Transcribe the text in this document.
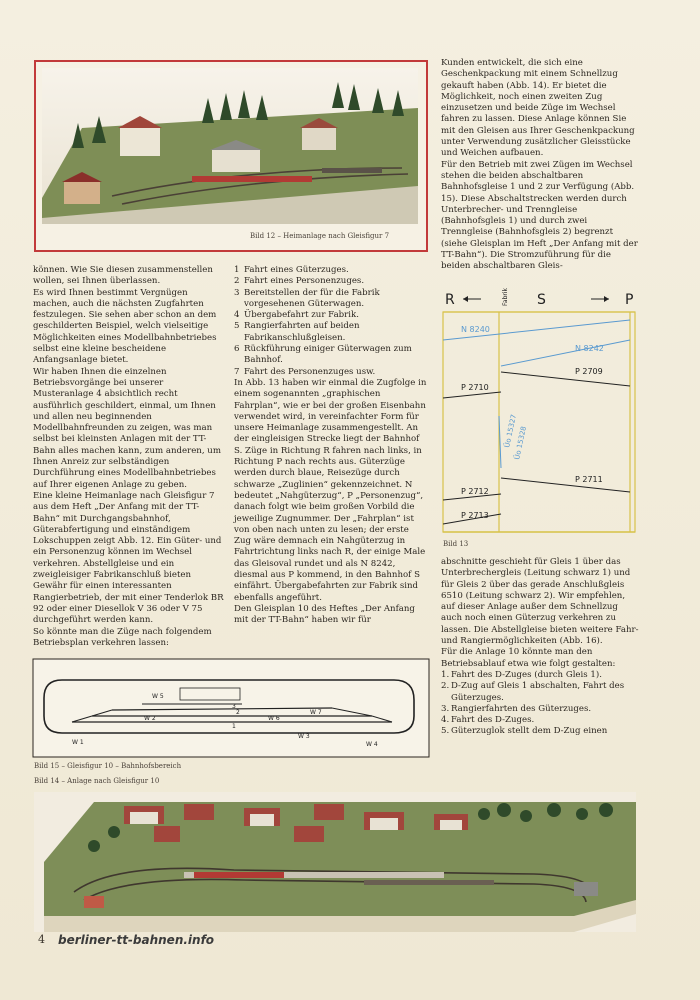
Bild 12 – Heimanlage nach Gleisfigur 7

können. Wie Sie diesen zusammenstellen wollen, sei Ihnen überlassen.

Es wird Ihnen bestimmt Vergnügen machen, auch die nächsten Zugfahrten festzulegen. Sie sehen aber schon an dem geschilderten Beispiel, welch vielseitige Möglichkeiten eines Modellbahnbetriebes selbst eine kleine bescheidene Anfangsanlage bietet.

Wir haben Ihnen die einzelnen Betriebsvorgänge bei unserer Musteranlage 4 absichtlich recht ausführlich geschildert, einmal, um Ihnen und allen neu beginnenden Modellbahnfreunden zu zeigen, was man selbst bei kleinsten Anlagen mit der TT-Bahn alles machen kann, zum anderen, um Ihnen Anreiz zur selbständigen Durchführung eines Modellbahnbetriebes auf Ihrer eigenen Anlage zu geben.

Eine kleine Heimanlage nach Gleisfigur 7 aus dem Heft „Der Anfang mit der TT-Bahn“ mit Durchgangsbahnhof, Güterabfertigung und einständigem Lokschuppen zeigt Abb. 12. Ein Güter- und ein Personenzug können im Wechsel verkehren. Abstellgleise und ein zweigleisiger Fabrikanschluß bieten Gewähr für einen interessanten Rangierbetrieb, der mit einer Tenderlok BR 92 oder einer Diesellok V 36 oder V 75 durchgeführt werden kann.

So könnte man die Züge nach folgendem Betriebsplan verkehren lassen:

1 Fahrt eines Güterzuges.
2 Fahrt eines Personenzuges.
3 Bereitstellen der für die Fabrik vorgesehenen Güterwagen.
4 Übergabefahrt zur Fabrik.
5 Rangierfahrten auf beiden Fabrikanschlußgleisen.
6 Rückführung einiger Güterwagen zum Bahnhof.
7 Fahrt des Personenzuges usw.

In Abb. 13 haben wir einmal die Zugfolge in einem sogenannten „graphischen Fahrplan“, wie er bei der großen Eisenbahn verwendet wird, in vereinfachter Form für unsere Heimanlage zusammengestellt. An der eingleisigen Strecke liegt der Bahnhof S. Züge in Richtung R fahren nach links, in Richtung P nach rechts aus. Güterzüge werden durch blaue, Reisezüge durch schwarze „Zuglinien“ gekennzeichnet. N bedeutet „Nahgüterzug“, P „Personenzug“, danach folgt wie beim großen Vorbild die jeweilige Zugnummer. Der „Fahrplan“ ist von oben nach unten zu lesen; der erste Zug wäre demnach ein Nahgüterzug in Fahrtrichtung links nach R, der einige Male das Gleisoval rundet und als N 8242, diesmal aus P kommend, in den Bahnhof S einfährt. Übergabefahrten zur Fabrik sind ebenfalls angeführt.

Den Gleisplan 10 des Heftes „Der Anfang mit der TT-Bahn“ haben wir für

Kunden entwickelt, die sich eine Geschenkpackung mit einem Schnellzug gekauft haben (Abb. 14). Er bietet die Möglichkeit, noch einen zweiten Zug einzusetzen und beide Züge im Wechsel fahren zu lassen. Diese Anlage können Sie mit den Gleisen aus Ihrer Geschenkpackung unter Verwendung zusätzlicher Gleisstücke und Weichen aufbauen.

Für den Betrieb mit zwei Zügen im Wechsel stehen die beiden abschaltbaren Bahnhofsgleise 1 und 2 zur Verfügung (Abb. 15). Diese Abschaltstrecken werden durch Unterbrecher- und Trenngleise (Bahnhofsgleis 1) und durch zwei Trenngleise (Bahnhofsgleis 2) begrenzt (siehe Gleisplan im Heft „Der Anfang mit der TT-Bahn“). Die Stromzuführung für die beiden abschaltbaren Gleis-

R	S	P
Fabrik
N 8240
N 8242
P 2709
P 2710
Üo 15327
Üo 15328
P 2711
P 2712
P 2713
Bild 13

abschnitte geschieht für Gleis 1 über das Unterbrechergleis (Leitung schwarz 1) und für Gleis 2 über das gerade Anschlußgleis 6510 (Leitung schwarz 2). Wir empfehlen, auf dieser Anlage außer dem Schnellzug auch noch einen Güterzug verkehren zu lassen. Die Abstellgleise bieten weitere Fahr- und Rangiermöglichkeiten (Abb. 16).

Für die Anlage 10 könnte man den Betriebsablauf etwa wie folgt gestalten:

1. Fahrt des D-Zuges (durch Gleis 1).
2. D-Zug auf Gleis 1 abschalten, Fahrt des Güterzuges.
3. Rangierfahrten des Güterzuges.
4. Fahrt des D-Zuges.
5. Güterzuglok stellt dem D-Zug einen
W 5
W 1
W 2	W 6
W 7
W 3
W 4
3
2
1
Bild 15 – Gleisfigur 10 – Bahnhofsbereich
Bild 14 – Anlage nach Gleisfigur 10
4 berliner-tt-bahnen.info
